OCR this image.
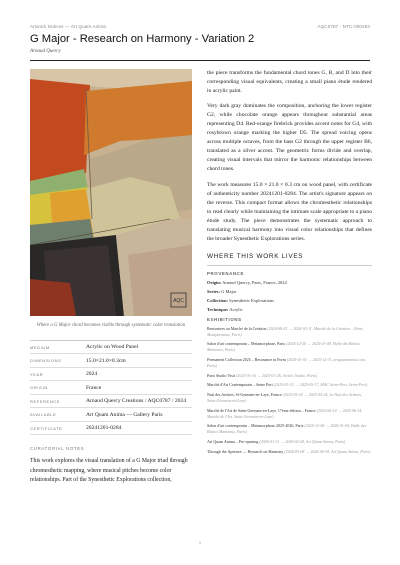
Artwork Notices — Art Quam Anima	AQC0787 · NTC-000284
G Major - Research on Harmony - Variation 2
Arnaud Quercy
AQC
Where a G Major chord becomes visible through systematic color translation
MEDIUM	Acrylic on Wood Panel
DIMENSIONS	15.0×21.0×0.3cm
YEAR	2024
ORIGIN	France
REFERENCE	Arnaud Quercy Creations / AQC0787 / 2024
AVAILABLE	Art Quam Anima — Gallery Paris
CERTIFICATE	20241201-0284
CURATORIAL NOTES
This work explores the visual translation of a G Major triad through chromesthetic mapping, where musical pitches become color relationships. Part of the Synesthetic Explorations collection,

the piece transforms the fundamental chord tones G, B, and D into their corresponding visual equivalents, creating a small piano étude rendered in acrylic paint.

Very dark gray dominates the composition, anchoring the lower register G2, while chocolate orange appears throughout substantial areas representing D4. Red-orange firebrick provides accent notes for G4, with rosybrown orange marking the higher D5. The spread voicing opens across multiple octaves, from the bass G2 through the upper register B6, translated as a silver accent. The geometric forms divide and overlap, creating visual intervals that mirror the harmonic relationships between chord tones.

The work measures 15.0 × 21.0 × 0.3 cm on wood panel, with certificate of authenticity number 20241201-0284. The artist's signature appears on the reverse. This compact format allows the chromesthetic relationships to read clearly while maintaining the intimate scale appropriate to a piano étude study. The piece demonstrates the systematic approach to translating musical harmony into visual color relationships that defines the broader Synesthetic Explorations series.

WHERE THIS WORK LIVES
PROVENANCE
Origin: Arnaud Quercy, Paris, France, 2024
Series: G Major
Collection: Synesthetic Explorations
Technique: Acrylic
EXHIBITIONS
Rencontres au Marché de la Création (2024-08-23 → 2024-03-11, Marché de la Création – Paris Montparnasse, Paris)
Salon d'art contemporain – Metamorphose, Paris (2024-12-20 → 2025-01-09, Halle des Blancs Manteaux, Paris)
Permanent Collection 2025 – Resonance in Form (2025-01-01 → 2025-12-31, artquamanima.com, Paris)
Paris Studio Visit (2025-01-16 → 2025-01-26, Artist's Studio, Paris)
Marché d'Art Contemporain – Seine Port (2025-03-15 → 2025-05-17, MAC Seine-Port, Seine-Port)
Nuit des Artistes, St-Germain-en-Laye, France (2025-05-24 → 2025-05-24, La Nuit des Artistes, Saint-Germain-en-Laye)
Marché de l'Art de Saint-Germain-en-Laye, 17ème édition – France (2025-06-14 → 2025-06-14, Marché de l'Art, Saint-Germain-en-Laye)
Salon d'art contemporain – Metamorphose 2025-2026, Paris (2025-12-06 → 2026-01-04, Halle des Blancs Manteaux, Paris)
Art Quam Anima – Pre-opening (2026-01-31 → 2026-02-28, Art Quam Anima, Paris)
Through the Aperture — Research on Harmony (2026-03-08 → 2026-06-30, Art Quam Anima, Paris)
1
